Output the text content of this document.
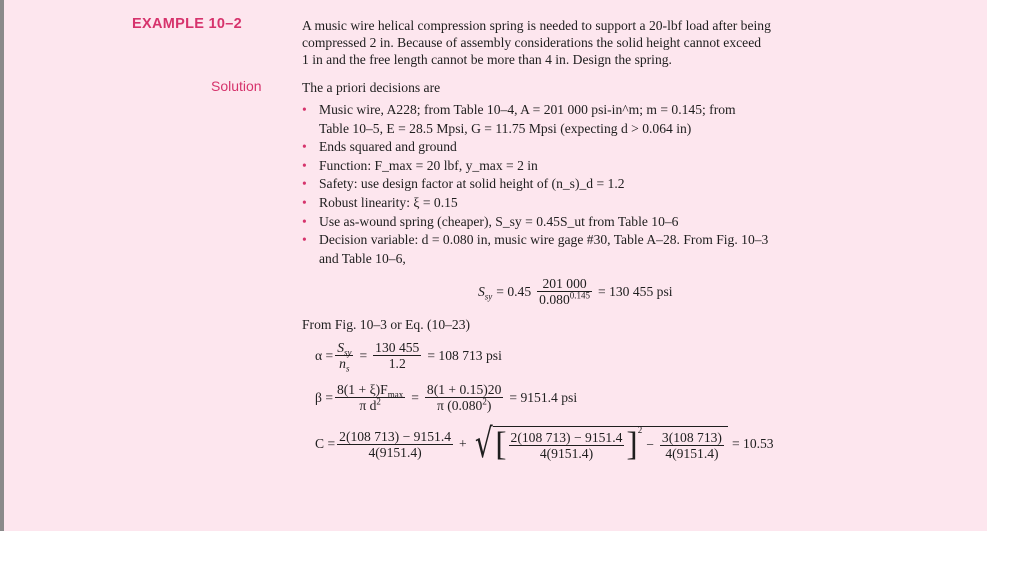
EXAMPLE 10–2
Solution
A music wire helical compression spring is needed to support a 20-lbf load after being
compressed 2 in. Because of assembly considerations the solid height cannot exceed
1 in and the free length cannot be more than 4 in. Design the spring.
The a priori decisions are
• Music wire, A228; from Table 10–4, A = 201 000 psi-in^m; m = 0.145; from
Table 10–5, E = 28.5 Mpsi, G = 11.75 Mpsi (expecting d > 0.064 in)
• Ends squared and ground
• Function: F_max = 20 lbf, y_max = 2 in
• Safety: use design factor at solid height of (n_s)_d = 1.2
• Robust linearity: ξ = 0.15
• Use as-wound spring (cheaper), S_sy = 0.45S_ut from Table 10–6
• Decision variable: d = 0.080 in, music wire gage #30, Table A–28. From Fig. 10–3
and Table 10–6,
$S_{sy} = 0.45 \frac{201 000}{0.080^{0.145}} = 130$ 455 psi
From Fig. 10–3 or Eq. (10–23)
$\alpha = \frac{S_{sy}}{n_s} = \frac{130 455}{1.2} = 108$ 713 psi
$\beta = \frac{8(1 + \xi)F_{max}}{\pi d^2} = \frac{8(1 + 0.15)20}{\pi (0.080^2)} = 9151.4$ psi
$C = \frac{2(108 713) - 9151.4}{4(9151.4)}$ + √ [ $\frac{2(108 713) - 9151.4}{4(9151.4)}$ ] 2
− $\frac{3(108 713)}{4(9151.4)} = 10.53$
